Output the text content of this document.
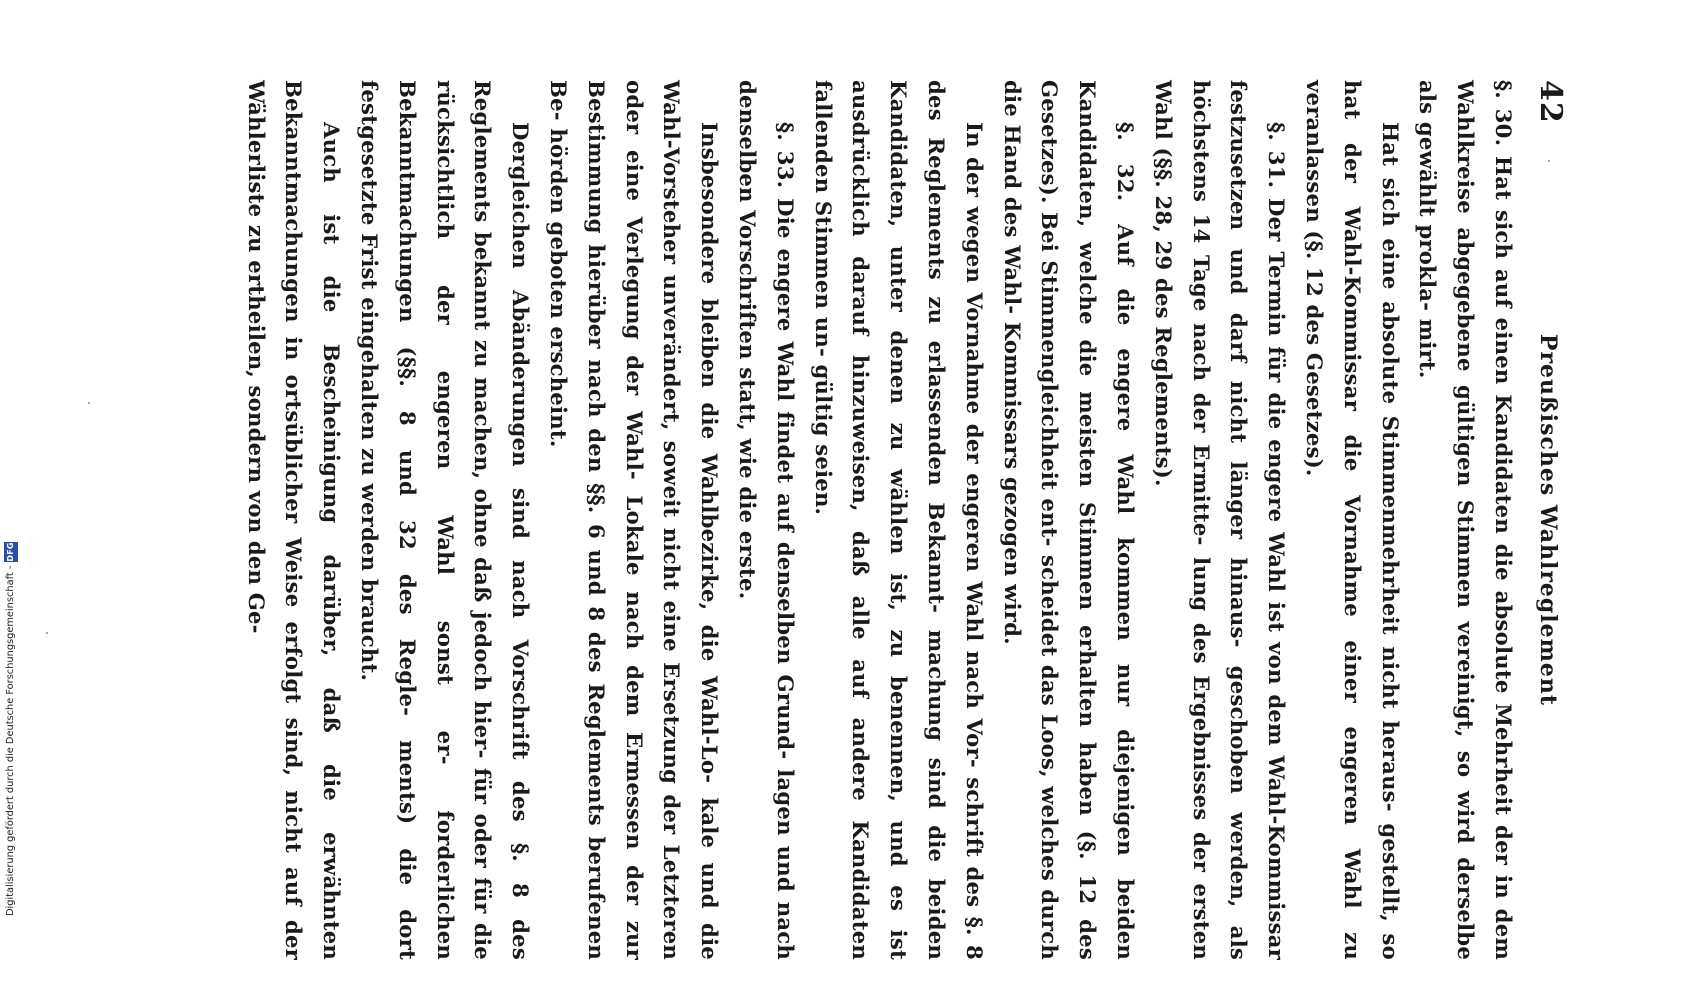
Digitalisierung gefördert durch die Deutsche Forschungsgemeinschaft -
DFG
42
Preußisches Wahlreglement

§. 30. Hat sich auf einen Kandidaten die absolute Mehrheit der in dem Wahlkreise abgegebene gültigen Stimmen vereinigt, so wird derselbe als gewählt prokla- mirt.

Hat sich eine absolute Stimmenmehrheit nicht heraus- gestellt, so hat der Wahl-Kommissar die Vornahme einer engeren Wahl zu veranlassen (§. 12 des Gesetzes).

§. 31. Der Termin für die engere Wahl ist von dem Wahl-Kommissar festzusetzen und darf nicht länger hinaus- geschoben werden, als höchstens 14 Tage nach der Ermitte- lung des Ergebnisses der ersten Wahl (§§. 28, 29 des Reglements).

§. 32. Auf die engere Wahl kommen nur diejenigen beiden Kandidaten, welche die meisten Stimmen erhalten haben (§. 12 des Gesetzes). Bei Stimmengleichheit ent- scheidet das Loos, welches durch die Hand des Wahl- Kommissars gezogen wird.

In der wegen Vornahme der engeren Wahl nach Vor- schrift des §. 8 des Reglements zu erlassenden Bekannt- machung sind die beiden Kandidaten, unter denen zu wählen ist, zu benennen, und es ist ausdrücklich darauf hinzuweisen, daß alle auf andere Kandidaten fallenden Stimmen un- gültig seien.

§. 33. Die engere Wahl findet auf denselben Grund- lagen und nach denselben Vorschriften statt, wie die erste.

Insbesondere bleiben die Wahlbezirke, die Wahl-Lo- kale und die Wahl-Vorsteher unverändert, soweit nicht eine Ersetzung der Letzteren oder eine Verlegung der Wahl- Lokale nach dem Ermessen der zur Bestimmung hierüber nach den §§. 6 und 8 des Reglements berufenen Be- hörden geboten erscheint.

Dergleichen Abänderungen sind nach Vorschrift des §. 8 des Reglements bekannt zu machen, ohne daß jedoch hier- für oder für die rücksichtlich der engeren Wahl sonst er- forderlichen Bekanntmachungen (§§. 8 und 32 des Regle- ments) die dort festgesetzte Frist eingehalten zu werden braucht.

Auch ist die Bescheinigung darüber, daß die erwähnten Bekanntmachungen in ortsüblicher Weise erfolgt sind, nicht auf der Wählerliste zu ertheilen, sondern von den Ge-
